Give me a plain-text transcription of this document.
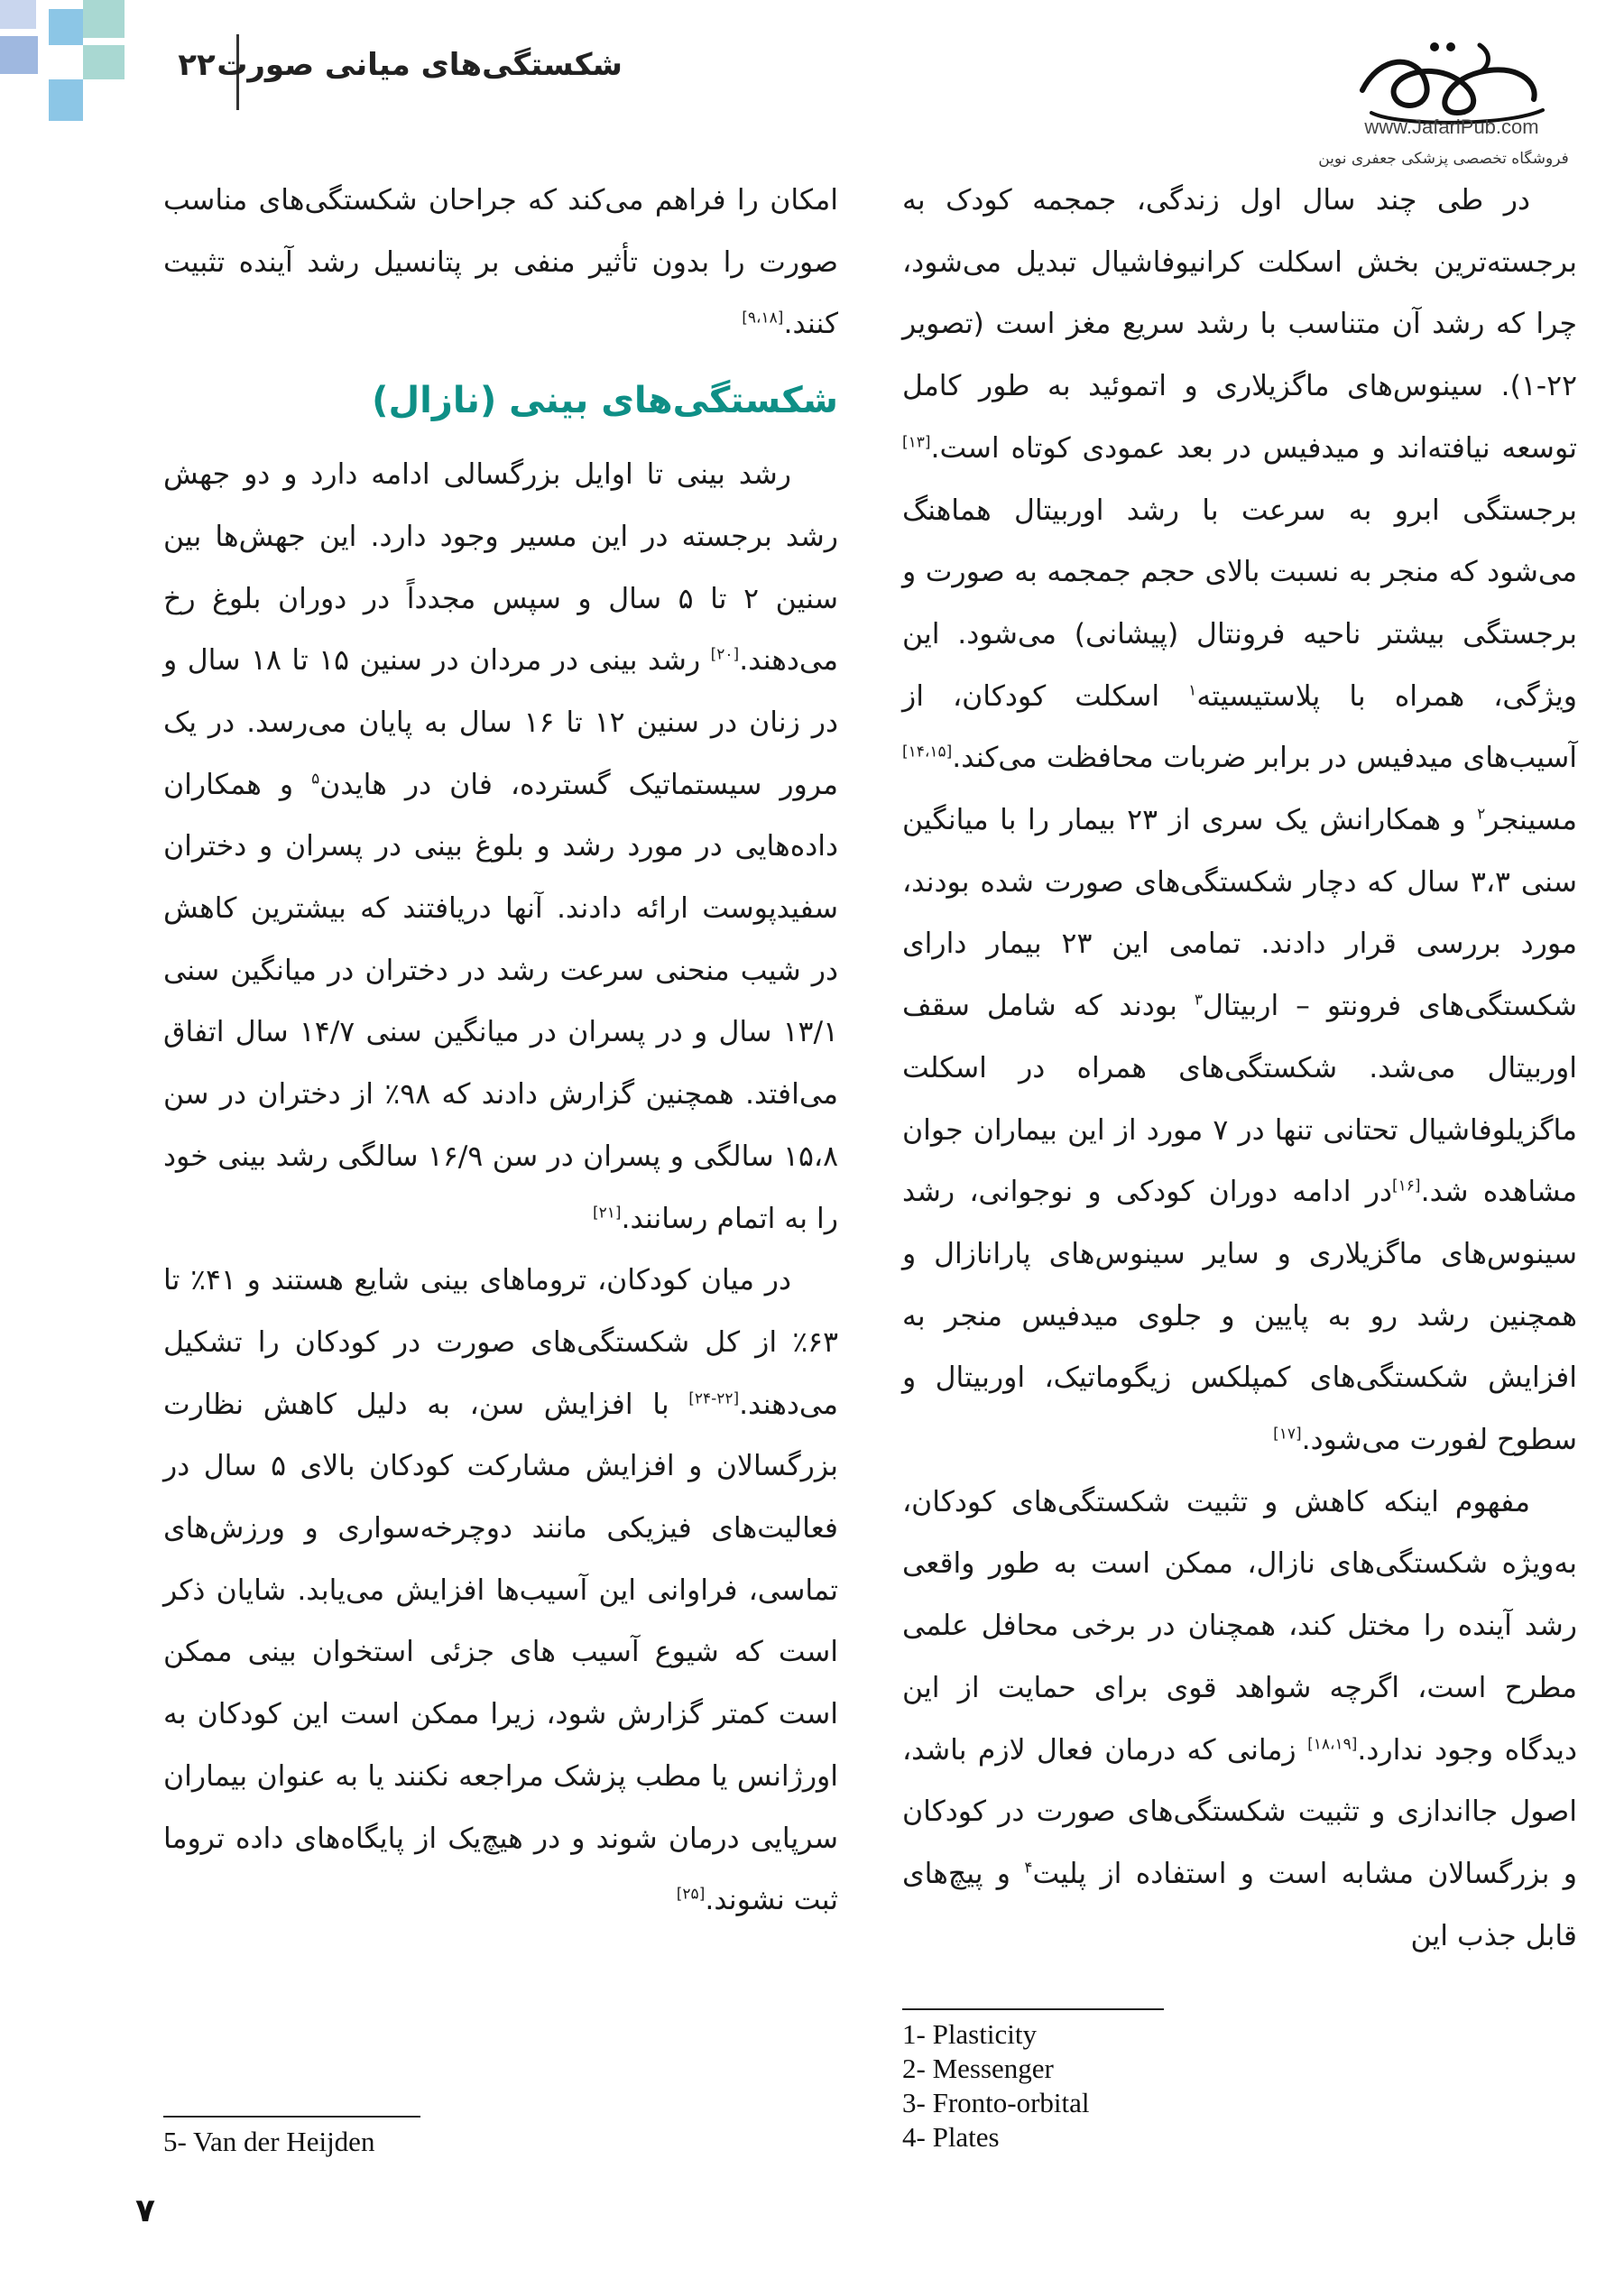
۲۲ شکستگی‌های میانی صورت
www.JafariPub.com
فروشگاه تخصصی پزشکی جعفری نوین

در طی چند سال اول زندگی، جمجمه کودک به برجسته‌ترین بخش اسکلت کرانیوفاشیال تبدیل می‌شود، چرا که رشد آن متناسب با رشد سریع مغز است (تصویر ۲۲-۱). سینوس‌های ماگزیلاری و اتموئید به طور کامل توسعه نیافته‌اند و میدفیس در بعد عمودی کوتاه است.[۱۳] برجستگی ابرو به سرعت با رشد اوربیتال هماهنگ می‌شود که منجر به نسبت بالای حجم جمجمه به صورت و برجستگی بیشتر ناحیه فرونتال (پیشانی) می‌شود. این ویژگی، همراه با پلاستیسیته$^۱$ اسکلت کودکان، از آسیب‌های میدفیس در برابر ضربات محافظت می‌کند.[۱۴،۱۵] مسینجر$^۲$ و همکارانش یک سری از ۲۳ بیمار را با میانگین سنی ۳،۳ سال که دچار شکستگی‌های صورت شده بودند، مورد بررسی قرار دادند. تمامی این ۲۳ بیمار دارای شکستگی‌های فرونتو – اربیتال$^۳$ بودند که شامل سقف اوربیتال می‌شد. شکستگی‌های همراه در اسکلت ماگزیلوفاشیال تحتانی تنها در ۷ مورد از این بیماران جوان مشاهده شد.[۱۶]در ادامه دوران کودکی و نوجوانی، رشد سینوس‌های ماگزیلاری و سایر سینوس‌های پارانازال و همچنین رشد رو به پایین و جلوی میدفیس منجر به افزایش شکستگی‌های کمپلکس زیگوماتیک، اوربیتال و سطوح لفورت می‌شود.[۱۷]

مفهوم اینکه کاهش و تثبیت شکستگی‌های کودکان، به‌ویژه شکستگی‌های نازال، ممکن است به طور واقعی رشد آینده را مختل کند، همچنان در برخی محافل علمی مطرح است، اگرچه شواهد قوی برای حمایت از این دیدگاه وجود ندارد.[۱۸،۱۹] زمانی که درمان فعال لازم باشد، اصول جااندازی و تثبیت شکستگی‌های صورت در کودکان و بزرگسالان مشابه است و استفاده از پلیت$^۴$ و پیچ‌های قابل جذب این

امکان را فراهم می‌کند که جراحان شکستگی‌های مناسب صورت را بدون تأثیر منفی بر پتانسیل رشد آینده تثبیت کنند.[۹،۱۸]

شکستگی‌های بینی (نازال)

رشد بینی تا اوایل بزرگسالی ادامه دارد و دو جهش رشد برجسته در این مسیر وجود دارد. این جهش‌ها بین سنین ۲ تا ۵ سال و سپس مجدداً در دوران بلوغ رخ می‌دهند.[۲۰] رشد بینی در مردان در سنین ۱۵ تا ۱۸ سال و در زنان در سنین ۱۲ تا ۱۶ سال به پایان می‌رسد. در یک مرور سیستماتیک گسترده، فان در هایدن$^۵$ و همکاران داده‌هایی در مورد رشد و بلوغ بینی در پسران و دختران سفیدپوست ارائه دادند. آنها دریافتند که بیشترین کاهش در شیب منحنی سرعت رشد در دختران در میانگین سنی ۱۳/۱ سال و در پسران در میانگین سنی ۱۴/۷ سال اتفاق می‌افتد. همچنین گزارش دادند که ۹۸٪ از دختران در سن ۱۵،۸ سالگی و پسران در سن ۱۶/۹ سالگی رشد بینی خود را به اتمام رسانند.[۲۱]

در میان کودکان، تروماهای بینی شایع هستند و ۴۱٪ تا ۶۳٪ از کل شکستگی‌های صورت در کودکان را تشکیل می‌دهند.[۲۲-۲۴] با افزایش سن، به دلیل کاهش نظارت بزرگسالان و افزایش مشارکت کودکان بالای ۵ سال در فعالیت‌های فیزیکی مانند دوچرخه‌سواری و ورزش‌های تماسی، فراوانی این آسیب‌ها افزایش می‌یابد. شایان ذکر است که شیوع آسیب های جزئی استخوان بینی ممکن است کمتر گزارش شود، زیرا ممکن است این کودکان به اورژانس یا مطب پزشک مراجعه نکنند یا به عنوان بیماران سرپایی درمان شوند و در هیچ‌یک از پایگاه‌های داده تروما ثبت نشوند.[۲۵]

1- Plasticity
2- Messenger
3- Fronto-orbital
4- Plates
5- Van der Heijden
۷
